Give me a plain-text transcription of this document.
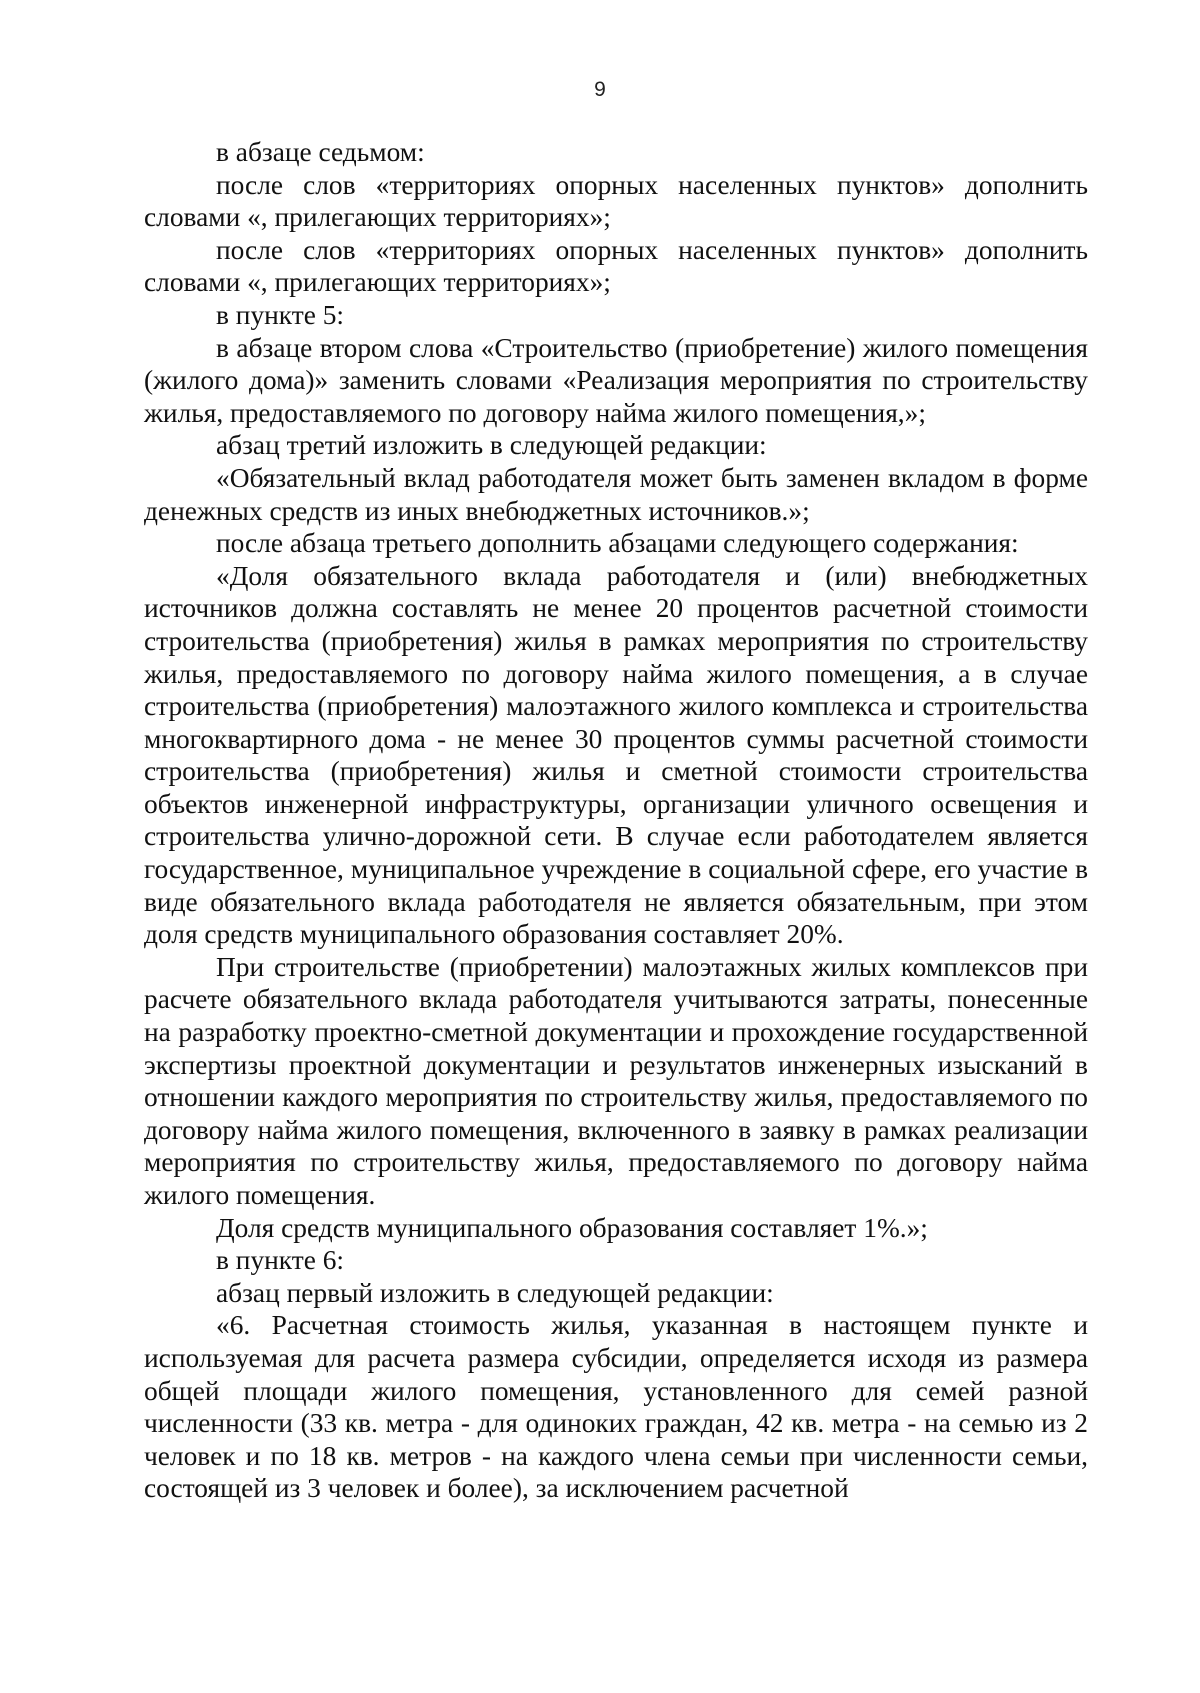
9

в абзаце седьмом:

после слов «территориях опорных населенных пунктов» дополнить словами «, прилегающих территориях»;

после слов «территориях опорных населенных пунктов» дополнить словами «, прилегающих территориях»;

в пункте 5:

в абзаце втором слова «Строительство (приобретение) жилого помещения (жилого дома)» заменить словами «Реализация мероприятия по строительству жилья, предоставляемого по договору найма жилого помещения,»;

абзац третий изложить в следующей редакции:

«Обязательный вклад работодателя может быть заменен вкладом в форме денежных средств из иных внебюджетных источников.»;

после абзаца третьего дополнить абзацами следующего содержания:

«Доля обязательного вклада работодателя и (или) внебюджетных источников должна составлять не менее 20 процентов расчетной стоимости строительства (приобретения) жилья в рамках мероприятия по строительству жилья, предоставляемого по договору найма жилого помещения, а в случае строительства (приобретения) малоэтажного жилого комплекса и строительства многоквартирного дома - не менее 30 процентов суммы расчетной стоимости строительства (приобретения) жилья и сметной стоимости строительства объектов инженерной инфраструктуры, организации уличного освещения и строительства улично-дорожной сети. В случае если работодателем является государственное, муниципальное учреждение в социальной сфере, его участие в виде обязательного вклада работодателя не является обязательным, при этом доля средств муниципального образования составляет 20%.

При строительстве (приобретении) малоэтажных жилых комплексов при расчете обязательного вклада работодателя учитываются затраты, понесенные на разработку проектно-сметной документации и прохождение государственной экспертизы проектной документации и результатов инженерных изысканий в отношении каждого мероприятия по строительству жилья, предоставляемого по договору найма жилого помещения, включенного в заявку в рамках реализации мероприятия по строительству жилья, предоставляемого по договору найма жилого помещения.

Доля средств муниципального образования составляет 1%.»;

в пункте 6:

абзац первый изложить в следующей редакции:

«6. Расчетная стоимость жилья, указанная в настоящем пункте и используемая для расчета размера субсидии, определяется исходя из размера общей площади жилого помещения, установленного для семей разной численности (33 кв. метра - для одиноких граждан, 42 кв. метра - на семью из 2 человек и по 18 кв. метров - на каждого члена семьи при численности семьи, состоящей из 3 человек и более), за исключением расчетной
